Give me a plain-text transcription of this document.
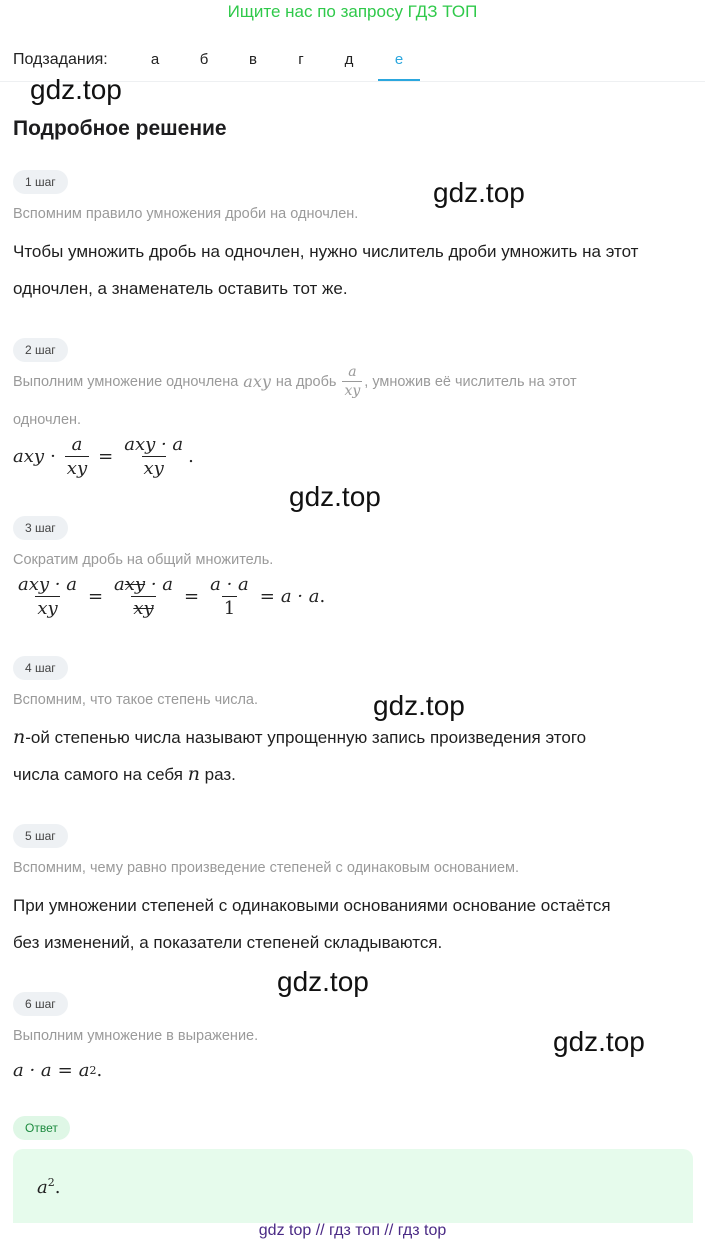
Ищите нас по запросу ГДЗ ТОП
Подзадания:	а	б	в	г	д	е
gdz.top
gdz.top
gdz.top
gdz.top
gdz.top
gdz.top
Подробное решение
1 шаг
Вспомним правило умножения дроби на одночлен.
Чтобы умножить дробь на одночлен, нужно числитель дроби умножить на этот
одночлен, а знаменатель оставить тот же.
2 шаг
Выполним умножение одночлена axy на дробь $\frac{a}{xy}$ , умножив её числитель на этот
одночлен.
axy · $\frac{a}{xy} = \frac{\text{axy · a}}{xy}$ .
3 шаг
Сократим дробь на общий множитель.
$\frac{\text{axy · a}}{xy} = \frac{\text{axy · a}}{xy} = \frac{a \cdot a}{1} = a \cdot a$ .
4 шаг
Вспомним, что такое степень числа.
n-ой степенью числа называют упрощенную запись произведения этого
числа самого на себя n раз.
5 шаг
Вспомним, чему равно произведение степеней с одинаковым основанием.
При умножении степеней с одинаковыми основаниями основание остаётся
без изменений, а показатели степеней складываются.
6 шаг
Выполним умножение в выражение.
a · a = a 2 .
Ответ
$a^2$.
gdz top // гдз топ // гдз top
